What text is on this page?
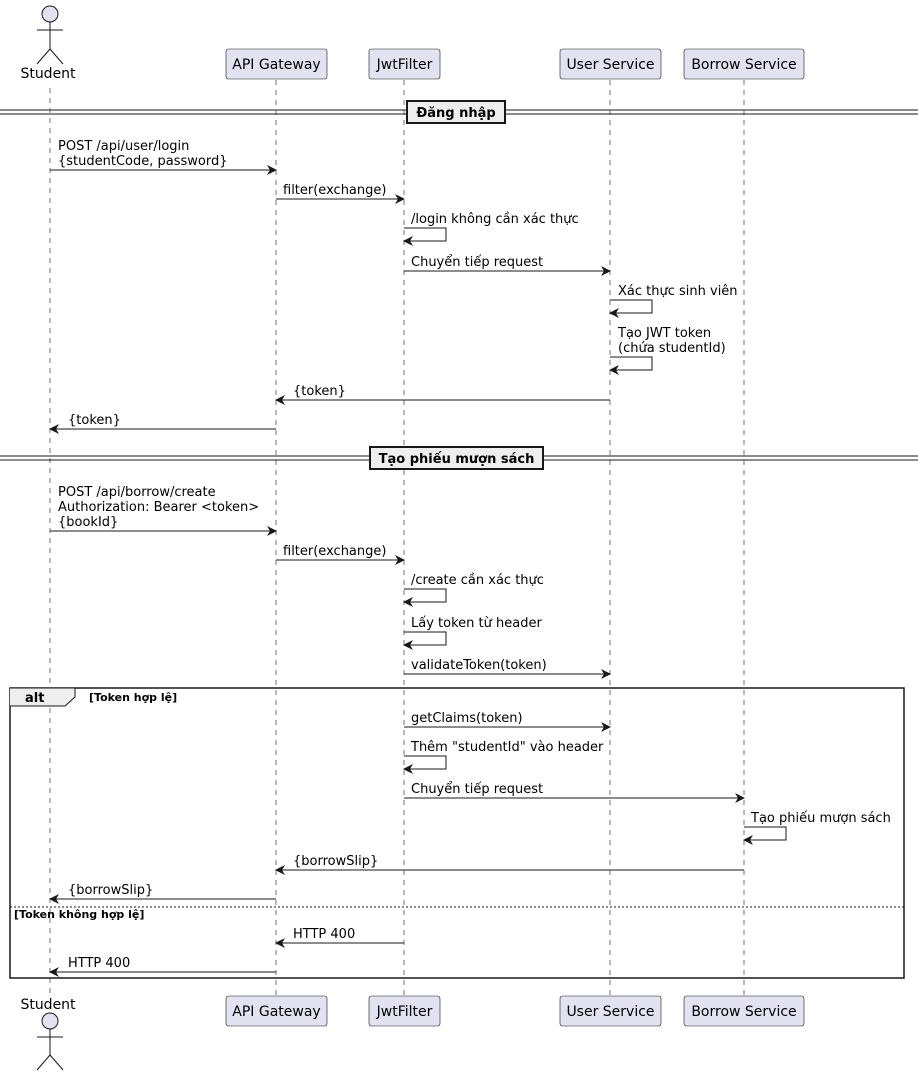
Student
API Gateway	JwtFilter	User Service	Borrow Service
Đăng nhập
POST /api/user/login {studentCode, password}
filter(exchange)
/login không cần xác thực
Chuyển tiếp request
Xác thực sinh viên
Tạo JWT token (chứa studentId)
{token}
{token}
Tạo phiếu mượn sách
POST /api/borrow/create Authorization: Bearer <token> {bookId}
filter(exchange)
/create cần xác thực
Lấy token từ header
validateToken(token)
alt	[Token hợp lệ]
[Token không hợp lệ]
getClaims(token)
Thêm "studentId" vào header
Chuyển tiếp request
Tạo phiếu mượn sách
{borrowSlip}
{borrowSlip}
HTTP 400
HTTP 400
Student	API Gateway	JwtFilter	User Service	Borrow Service
